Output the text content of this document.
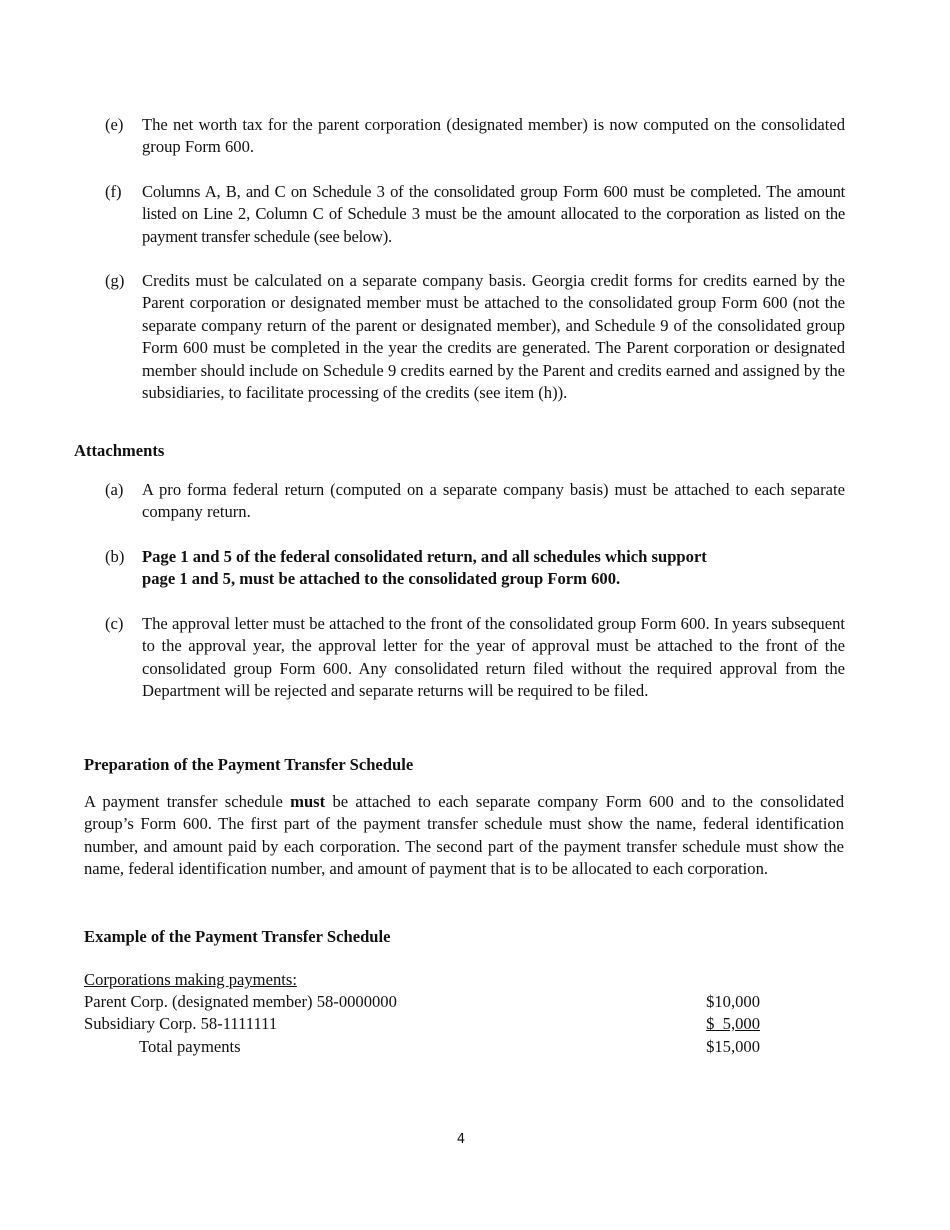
(e) The net worth tax for the parent corporation (designated member) is now computed on the consolidated group Form 600.
(f) Columns A, B, and C on Schedule 3 of the consolidated group Form 600 must be completed. The amount listed on Line 2, Column C of Schedule 3 must be the amount allocated to the corporation as listed on the payment transfer schedule (see below).
(g) Credits must be calculated on a separate company basis. Georgia credit forms for credits earned by the Parent corporation or designated member must be attached to the consolidated group Form 600 (not the separate company return of the parent or designated member), and Schedule 9 of the consolidated group Form 600 must be completed in the year the credits are generated. The Parent corporation or designated member should include on Schedule 9 credits earned by the Parent and credits earned and assigned by the subsidiaries, to facilitate processing of the credits (see item (h)).
Attachments
(a) A pro forma federal return (computed on a separate company basis) must be attached to each separate company return.
(b) Page 1 and 5 of the federal consolidated return, and all schedules which support
page 1 and 5, must be attached to the consolidated group Form 600.
(c) The approval letter must be attached to the front of the consolidated group Form 600. In years subsequent to the approval year, the approval letter for the year of approval must be attached to the front of the consolidated group Form 600. Any consolidated return filed without the required approval from the Department will be rejected and separate returns will be required to be filed.
Preparation of the Payment Transfer Schedule
A payment transfer schedule must be attached to each separate company Form 600 and to the consolidated group’s Form 600. The first part of the payment transfer schedule must show the name, federal identification number, and amount paid by each corporation. The second part of the payment transfer schedule must show the name, federal identification number, and amount of payment that is to be allocated to each corporation.
Example of the Payment Transfer Schedule
Corporations making payments:
Parent Corp. (designated member) 58-0000000	$10,000
Subsidiary Corp. 58-1111111	$  5,000
Total payments	$15,000
4
